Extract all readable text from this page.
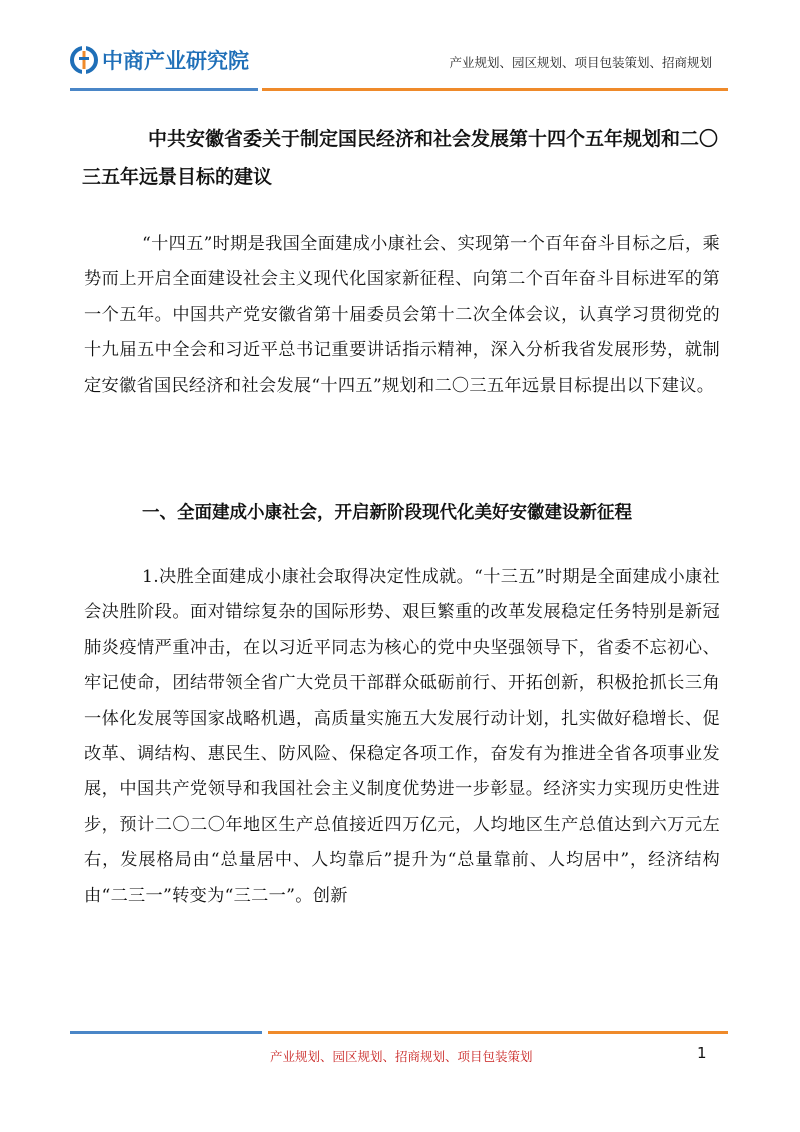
中商产业研究院	产业规划、园区规划、项目包装策划、招商规划
中共安徽省委关于制定国民经济和社会发展第十四个五年规划和二〇三五年远景目标的建议

“十四五”时期是我国全面建成小康社会、实现第一个百年奋斗目标之后，乘势而上开启全面建设社会主义现代化国家新征程、向第二个百年奋斗目标进军的第一个五年。中国共产党安徽省第十届委员会第十二次全体会议，认真学习贯彻党的十九届五中全会和习近平总书记重要讲话指示精神，深入分析我省发展形势，就制定安徽省国民经济和社会发展“十四五”规划和二〇三五年远景目标提出以下建议。

一、全面建成小康社会，开启新阶段现代化美好安徽建设新征程

1.决胜全面建成小康社会取得决定性成就。“十三五”时期是全面建成小康社会决胜阶段。面对错综复杂的国际形势、艰巨繁重的改革发展稳定任务特别是新冠肺炎疫情严重冲击，在以习近平同志为核心的党中央坚强领导下，省委不忘初心、牢记使命，团结带领全省广大党员干部群众砥砺前行、开拓创新，积极抢抓长三角一体化发展等国家战略机遇，高质量实施五大发展行动计划，扎实做好稳增长、促改革、调结构、惠民生、防风险、保稳定各项工作，奋发有为推进全省各项事业发展，中国共产党领导和我国社会主义制度优势进一步彰显。经济实力实现历史性进步，预计二〇二〇年地区生产总值接近四万亿元，人均地区生产总值达到六万元左右，发展格局由“总量居中、人均靠后”提升为“总量靠前、人均居中”，经济结构由“二三一”转变为“三二一”。创新

产业规划、园区规划、招商规划、项目包装策划	1
